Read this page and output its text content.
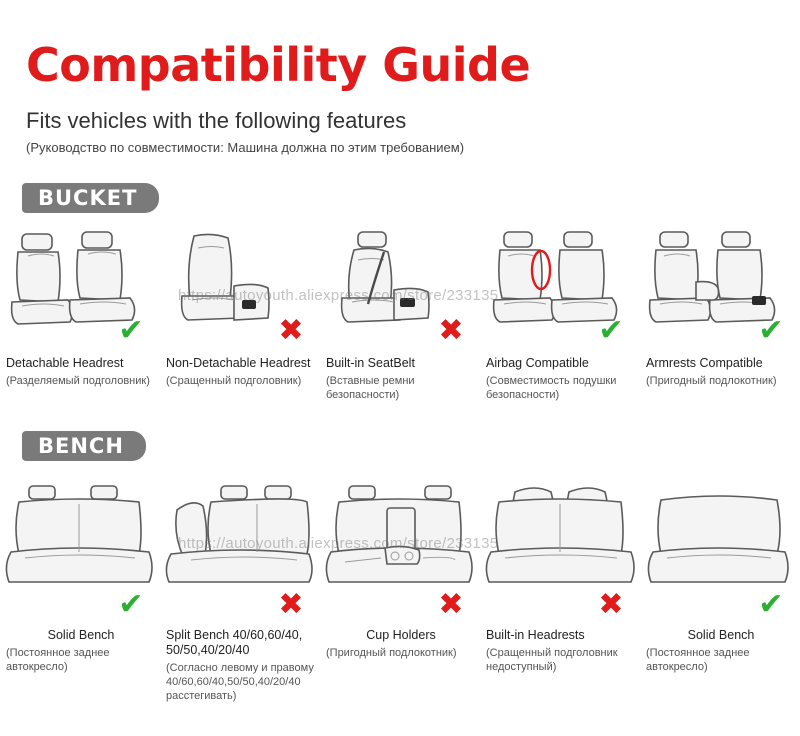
Compatibility Guide
Fits vehicles with the following features
(Руководство по совместимости: Машина должна по этим требованием)
BUCKET
✔
Detachable Headrest
(Разделяемый подголовник)
✖
Non-Detachable Headrest
(Сращенный подголовник)
✖
Built-in SeatBelt
(Вставные ремни безопасности)
✔
Airbag Compatible
(Совместимость подушки безопасности)
✔
Armrests Compatible
(Пригодный подлокотник)
BENCH
✔
Solid Bench
(Постоянное заднее автокресло)
✖
Split Bench 40/60,60/40, 50/50,40/20/40
(Согласно левому и правому 40/60,60/40,50/50,40/20/40 расстегивать)
✖
Cup Holders
(Пригодный подлокотник)
✖
Built-in Headrests
(Сращенный подголовник недоступный)
✔
Solid Bench
(Постоянное заднее автокресло)
https://autoyouth.aliexpress.com/store/233135
https://autoyouth.aliexpress.com/store/233135
